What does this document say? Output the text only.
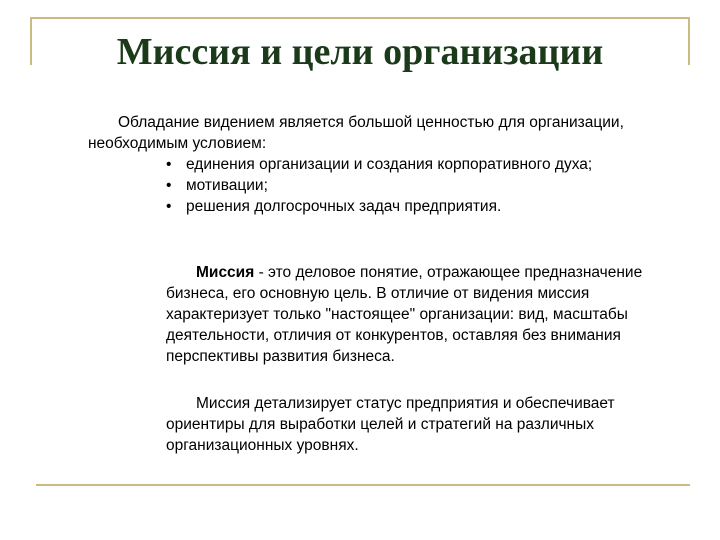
Миссия и цели организации

Обладание видением является большой ценностью для организации, необходимым условием:

• единения организации и создания корпоративного духа;
• мотивации;
• решения долгосрочных задач предприятия.

Миссия - это деловое понятие, отражающее предназначение бизнеса, его основную цель. В отличие от видения миссия характеризует только "настоящее" организации: вид, масштабы деятельности, отличия от конкурентов, оставляя без внимания перспективы развития бизнеса.

Миссия детализирует статус предприятия и обеспечивает ориентиры для выработки целей и стратегий на различных организационных уровнях.
